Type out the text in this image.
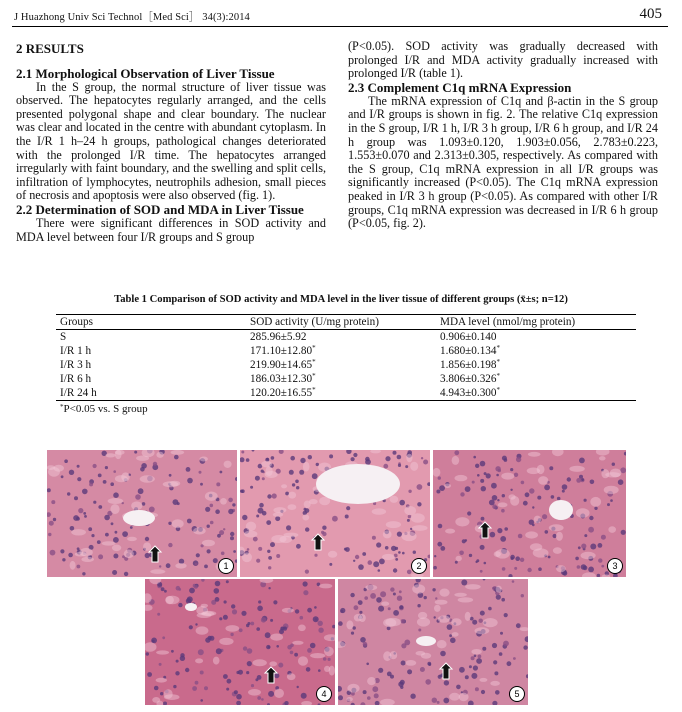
J Huazhong Univ Sci Technol［Med Sci］ 34(3):2014	405
2 RESULTS
2.1 Morphological Observation of Liver Tissue

In the S group, the normal structure of liver tissue was observed. The hepatocytes regularly arranged, and the cells presented polygonal shape and clear boundary. The nuclear was clear and located in the centre with abundant cytoplasm. In the I/R 1 h–24 h groups, pathological changes deteriorated with the prolonged I/R time. The hepatocytes arranged irregularly with faint boundary, and the swelling and split cells, infiltration of lymphocytes, neutrophils adhesion, small pieces of necrosis and apoptosis were also observed (fig. 1).

2.2 Determination of SOD and MDA in Liver Tissue

There were significant differences in SOD activity and MDA level between four I/R groups and S group

(P<0.05). SOD activity was gradually decreased with prolonged I/R and MDA activity gradually increased with prolonged I/R (table 1).

2.3 Complement C1q mRNA Expression

The mRNA expression of C1q and β-actin in the S group and I/R groups is shown in fig. 2. The relative C1q expression in the S group, I/R 1 h, I/R 3 h group, I/R 6 h group, and I/R 24 h group was 1.093±0.120, 1.903±0.056, 2.783±0.223, 1.553±0.070 and 2.313±0.305, respectively. As compared with the S group, C1q mRNA expression in all I/R groups was significantly increased (P<0.05). The C1q mRNA expression peaked in I/R 3 h group (P<0.05). As compared with other I/R groups, C1q mRNA expression was decreased in I/R 6 h group (P<0.05, fig. 2).

Table 1 Comparison of SOD activity and MDA level in the liver tissue of different groups (x̄±s; n=12)
Groups	SOD activity (U/mg protein)	MDA level (nmol/mg protein)
S	285.96±5.92	0.906±0.140
I/R 1 h	171.10±12.80*	1.680±0.134*
I/R 3 h	219.90±14.65*	1.856±0.198*
I/R 6 h	186.03±12.30*	3.806±0.326*
I/R 24 h	120.20±16.55*	4.943±0.300*
*P<0.05 vs. S group
1	2	3
4	5
